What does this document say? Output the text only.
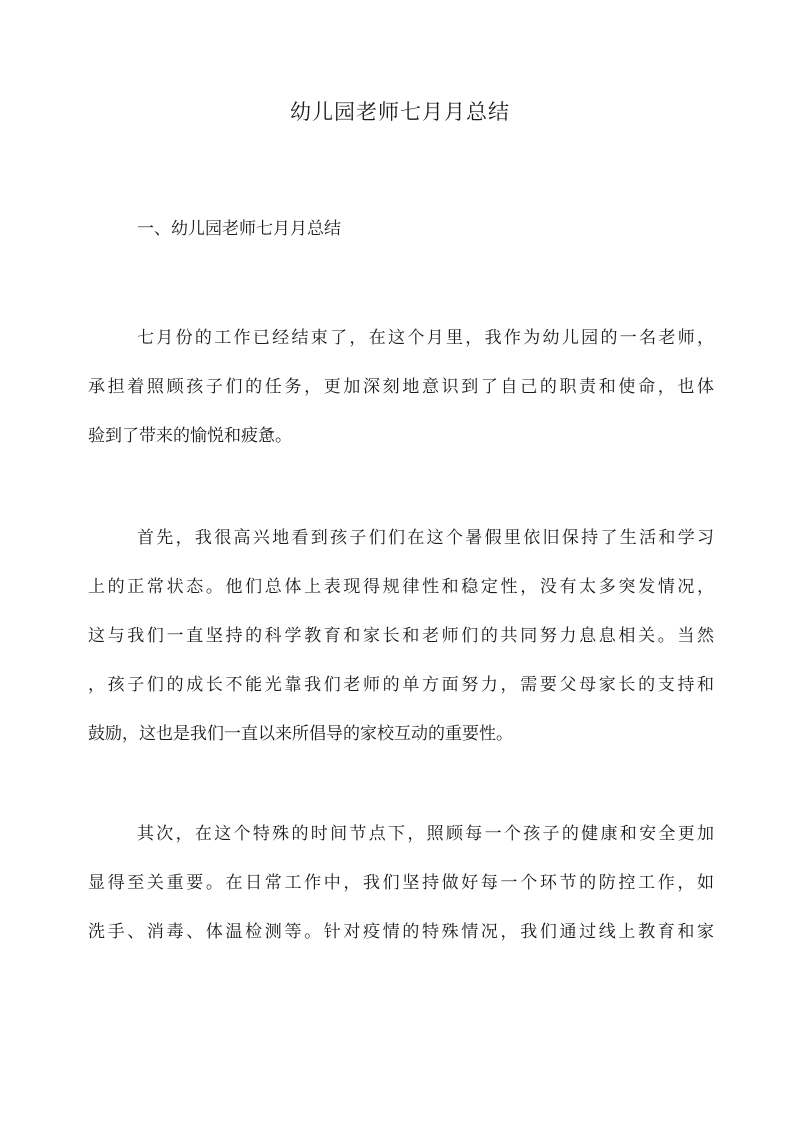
幼儿园老师七月月总结
一、幼儿园老师七月月总结
七月份的工作已经结束了，在这个月里，我作为幼儿园的一名老师，
承担着照顾孩子们的任务，更加深刻地意识到了自己的职责和使命，也体
验到了带来的愉悦和疲惫。
首先，我很高兴地看到孩子们们在这个暑假里依旧保持了生活和学习
上的正常状态。他们总体上表现得规律性和稳定性，没有太多突发情况，
这与我们一直坚持的科学教育和家长和老师们的共同努力息息相关。当然
，孩子们的成长不能光靠我们老师的单方面努力，需要父母家长的支持和
鼓励，这也是我们一直以来所倡导的家校互动的重要性。
其次，在这个特殊的时间节点下，照顾每一个孩子的健康和安全更加
显得至关重要。在日常工作中，我们坚持做好每一个环节的防控工作，如
洗手、消毒、体温检测等。针对疫情的特殊情况，我们通过线上教育和家
